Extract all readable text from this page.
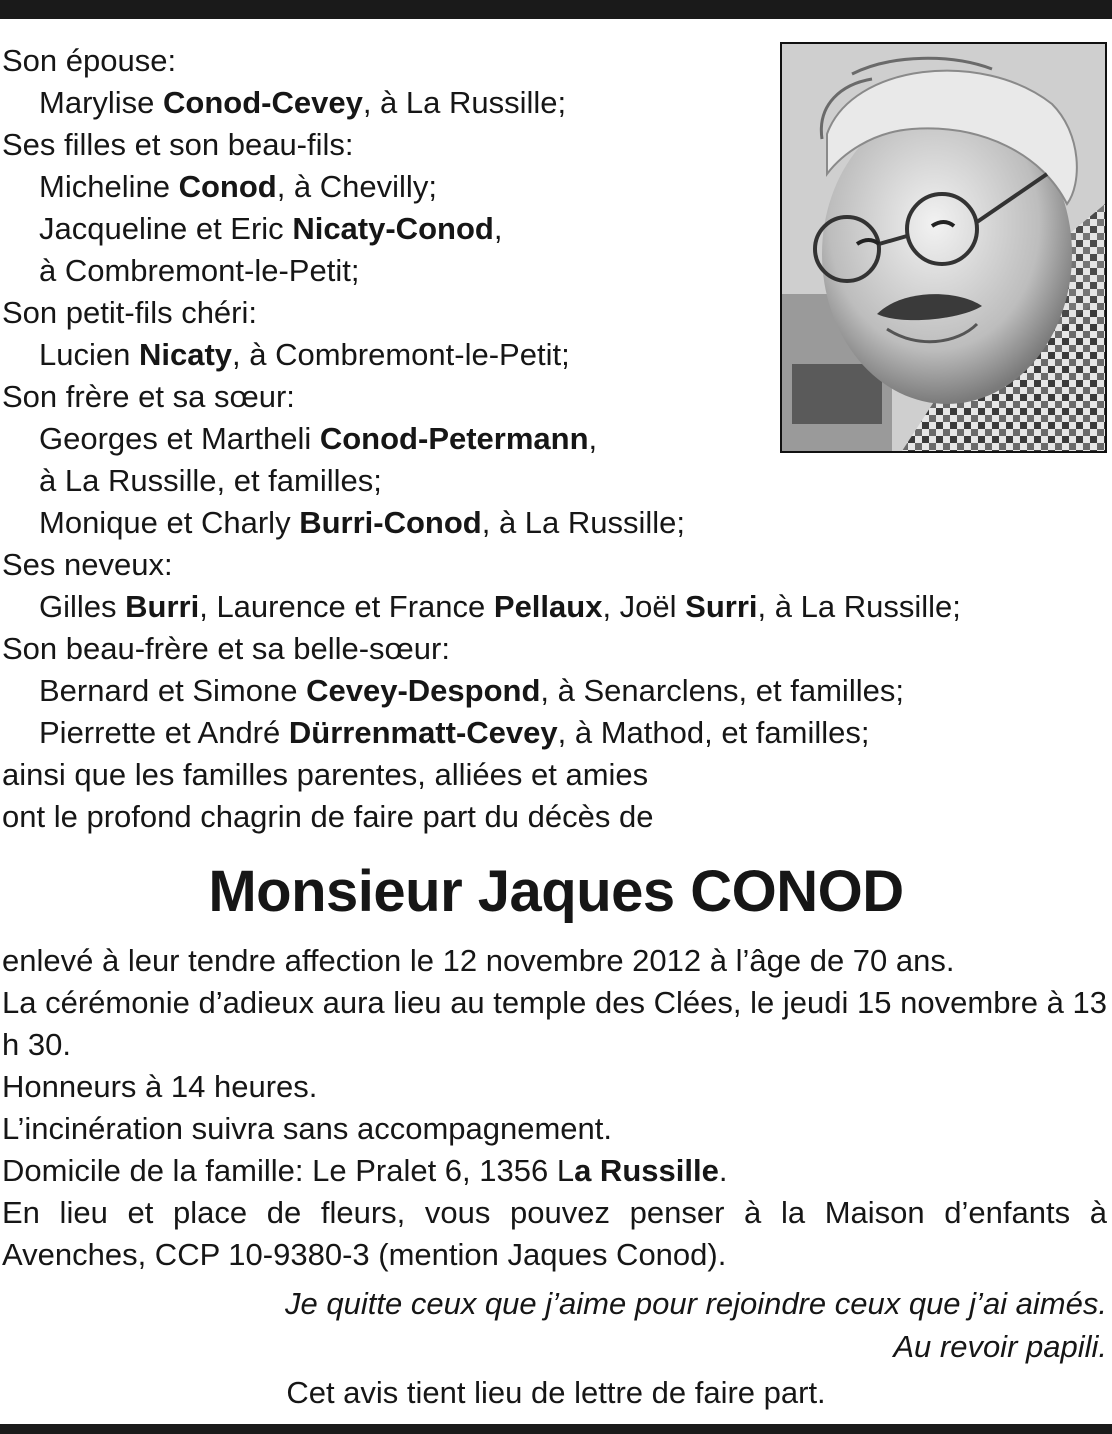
Son épouse:
Marylise Conod-Cevey, à La Russille;
Ses filles et son beau-fils:
Micheline Conod, à Chevilly;
Jacqueline et Eric Nicaty-Conod,
à Combremont-le-Petit;
Son petit-fils chéri:
Lucien Nicaty, à Combremont-le-Petit;
Son frère et sa sœur:
Georges et Martheli Conod-Petermann,
à La Russille, et familles;
Monique et Charly Burri-Conod, à La Russille;
Ses neveux:
Gilles Burri, Laurence et France Pellaux, Joël Surri, à La Russille;
Son beau-frère et sa belle-sœur:
Bernard et Simone Cevey-Despond, à Senarclens, et familles;
Pierrette et André Dürrenmatt-Cevey, à Mathod, et familles;
ainsi que les familles parentes, alliées et amies
ont le profond chagrin de faire part du décès de
Monsieur Jaques CONOD
enlevé à leur tendre affection le 12 novembre 2012 à l’âge de 70 ans.
La cérémonie d’adieux aura lieu au temple des Clées, le jeudi 15 novembre à 13 h 30.
Honneurs à 14 heures.
L’incinération suivra sans accompagnement.
Domicile de la famille: Le Pralet 6, 1356 La Russille.
En lieu et place de fleurs, vous pouvez penser à la Maison d’enfants à Avenches, CCP 10-9380-3 (mention Jaques Conod).
Je quitte ceux que j’aime pour rejoindre ceux que j’ai aimés.
Au revoir papili.
Cet avis tient lieu de lettre de faire part.
